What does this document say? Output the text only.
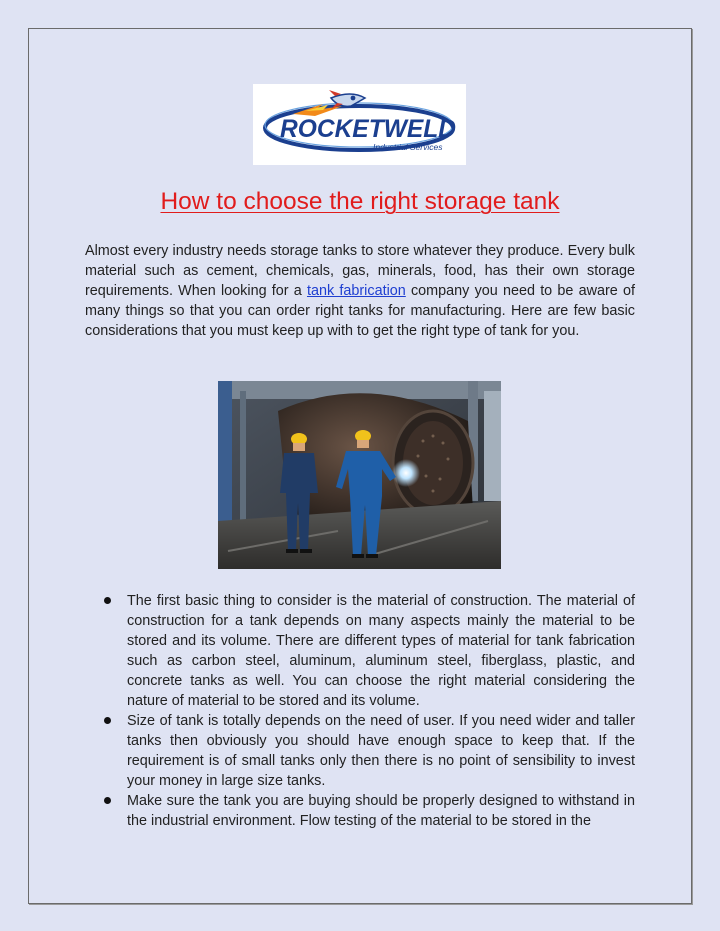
ROCKETWELD
Industrial Services
How to choose the right storage tank

Almost every industry needs storage tanks to store whatever they produce. Every bulk material such as cement, chemicals, gas, minerals, food, has their own storage requirements. When looking for a tank fabrication company you need to be aware of many things so that you can order right tanks for manufacturing. Here are few basic considerations that you must keep up with to get the right type of tank for you.

The first basic thing to consider is the material of construction. The material of construction for a tank depends on many aspects mainly the material to be stored and its volume. There are different types of material for tank fabrication such as carbon steel, aluminum, aluminum steel, fiberglass, plastic, and concrete tanks as well. You can choose the right material considering the nature of material to be stored and its volume.
Size of tank is totally depends on the need of user. If you need wider and taller tanks then obviously you should have enough space to keep that. If the requirement is of small tanks only then there is no point of sensibility to invest your money in large size tanks.
Make sure the tank you are buying should be properly designed to withstand in the industrial environment. Flow testing of the material to be stored in the
